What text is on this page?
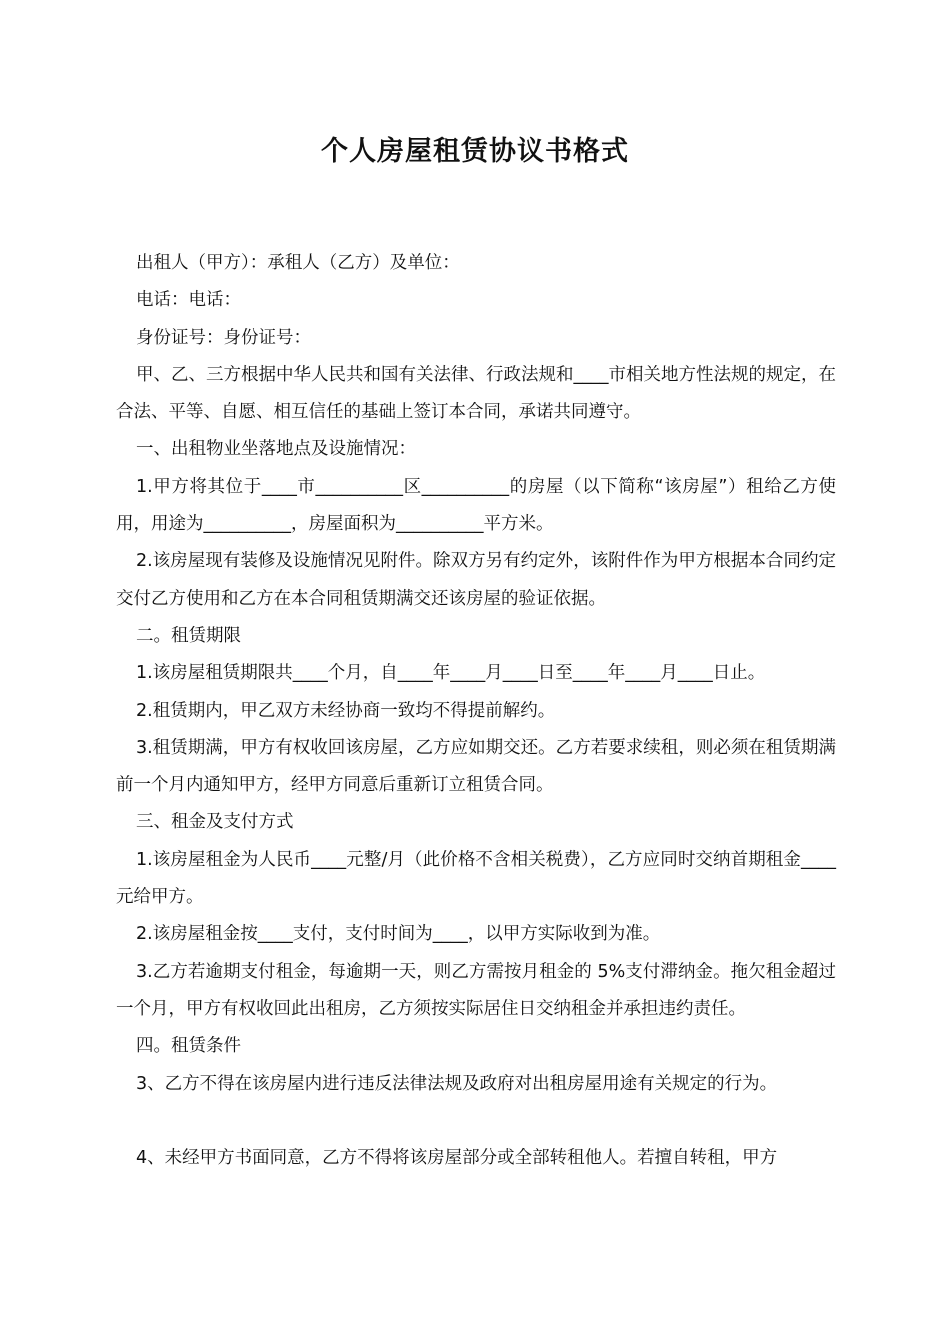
个人房屋租赁协议书格式

出租人（甲方）：承租人（乙方）及单位：

电话：电话：

身份证号：身份证号：

甲、乙、三方根据中华人民共和国有关法律、行政法规和____市相关地方性法规的规定，在合法、平等、自愿、相互信任的基础上签订本合同，承诺共同遵守。

一、出租物业坐落地点及设施情况：

1.甲方将其位于____市__________区__________的房屋（以下简称“该房屋”）租给乙方使用，用途为__________，房屋面积为__________平方米。

2.该房屋现有装修及设施情况见附件。除双方另有约定外，该附件作为甲方根据本合同约定交付乙方使用和乙方在本合同租赁期满交还该房屋的验证依据。

二。租赁期限

1.该房屋租赁期限共____个月，自____年____月____日至____年____月____日止。

2.租赁期内，甲乙双方未经协商一致均不得提前解约。

3.租赁期满，甲方有权收回该房屋，乙方应如期交还。乙方若要求续租，则必须在租赁期满前一个月内通知甲方，经甲方同意后重新订立租赁合同。

三、租金及支付方式

1.该房屋租金为人民币____元整/月（此价格不含相关税费），乙方应同时交纳首期租金____元给甲方。

2.该房屋租金按____支付，支付时间为____，以甲方实际收到为准。

3.乙方若逾期支付租金，每逾期一天，则乙方需按月租金的 5%支付滞纳金。拖欠租金超过一个月，甲方有权收回此出租房，乙方须按实际居住日交纳租金并承担违约责任。

四。租赁条件

3、乙方不得在该房屋内进行违反法律法规及政府对出租房屋用途有关规定的行为。

4、未经甲方书面同意，乙方不得将该房屋部分或全部转租他人。若擅自转租，甲方
